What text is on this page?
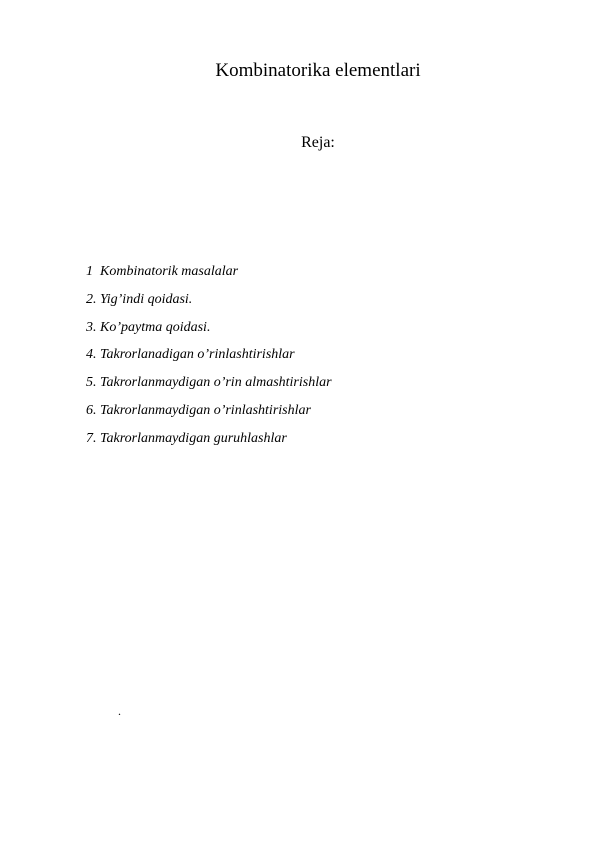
Kombinatorika elementlari
Reja:
1 Kombinatorik masalalar
2. Yig’indi qoidasi.
3. Ko’paytma qoidasi.
4. Takrorlanadigan o’rinlashtirishlar
5. Takrorlanmaydigan o’rin almashtirishlar
6. Takrorlanmaydigan o’rinlashtirishlar
7. Takrorlanmaydigan guruhlashlar
.
